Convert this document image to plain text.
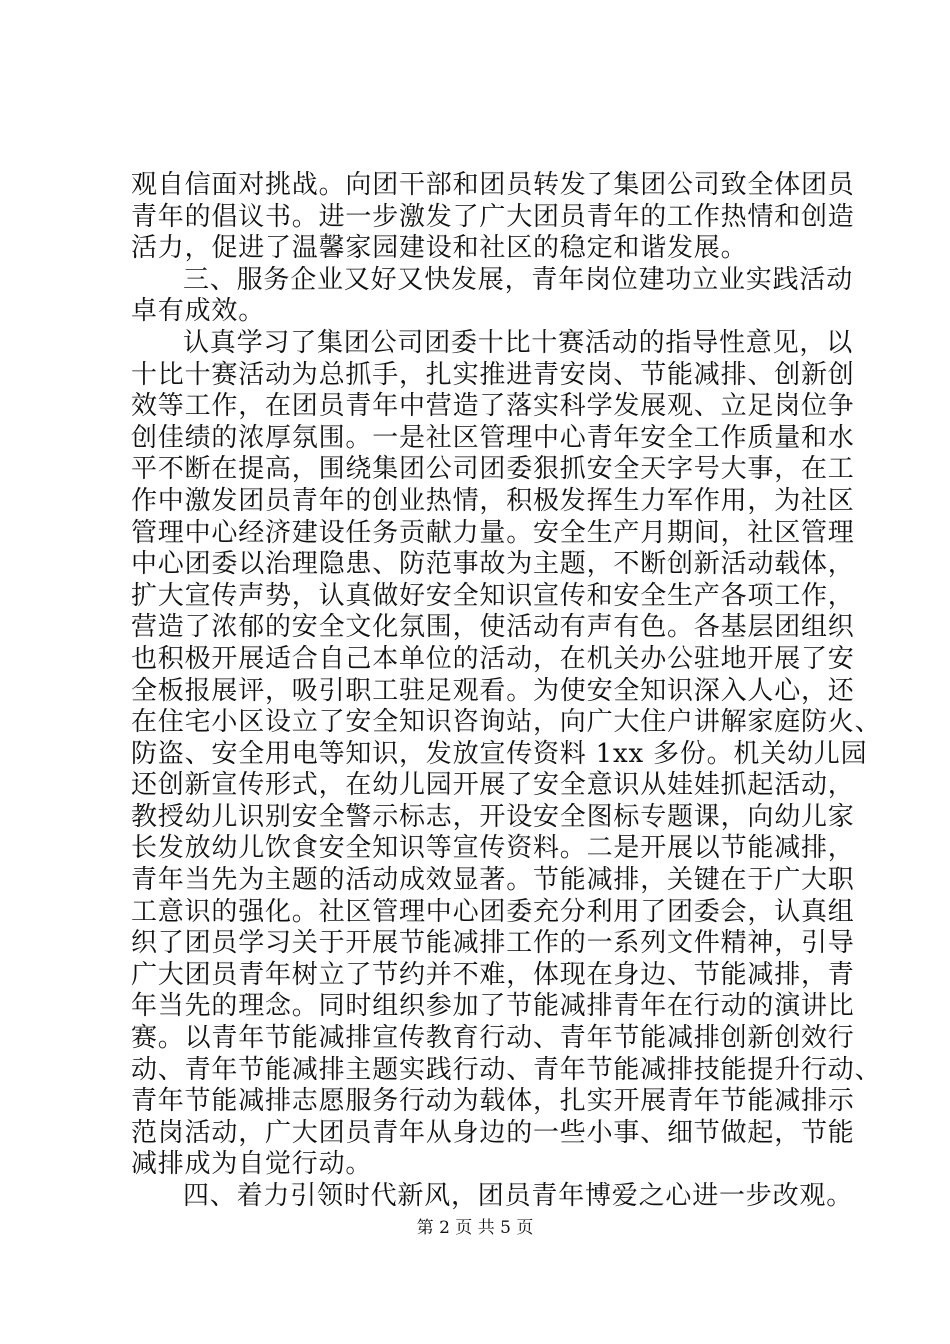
观自信面对挑战。向团干部和团员转发了集团公司致全体团员
青年的倡议书。进一步激发了广大团员青年的工作热情和创造
活力，促进了温馨家园建设和社区的稳定和谐发展。
三、服务企业又好又快发展，青年岗位建功立业实践活动
卓有成效。
认真学习了集团公司团委十比十赛活动的指导性意见，以
十比十赛活动为总抓手，扎实推进青安岗、节能减排、创新创
效等工作，在团员青年中营造了落实科学发展观、立足岗位争
创佳绩的浓厚氛围。一是社区管理中心青年安全工作质量和水
平不断在提高，围绕集团公司团委狠抓安全天字号大事，在工
作中激发团员青年的创业热情，积极发挥生力军作用，为社区
管理中心经济建设任务贡献力量。安全生产月期间，社区管理
中心团委以治理隐患、防范事故为主题，不断创新活动载体，
扩大宣传声势，认真做好安全知识宣传和安全生产各项工作，
营造了浓郁的安全文化氛围，使活动有声有色。各基层团组织
也积极开展适合自己本单位的活动，在机关办公驻地开展了安
全板报展评，吸引职工驻足观看。为使安全知识深入人心，还
在住宅小区设立了安全知识咨询站，向广大住户讲解家庭防火、
防盗、安全用电等知识，发放宣传资料 1xx 多份。机关幼儿园
还创新宣传形式，在幼儿园开展了安全意识从娃娃抓起活动，
教授幼儿识别安全警示标志，开设安全图标专题课，向幼儿家
长发放幼儿饮食安全知识等宣传资料。二是开展以节能减排，
青年当先为主题的活动成效显著。节能减排，关键在于广大职
工意识的强化。社区管理中心团委充分利用了团委会，认真组
织了团员学习关于开展节能减排工作的一系列文件精神，引导
广大团员青年树立了节约并不难，体现在身边、节能减排，青
年当先的理念。同时组织参加了节能减排青年在行动的演讲比
赛。以青年节能减排宣传教育行动、青年节能减排创新创效行
动、青年节能减排主题实践行动、青年节能减排技能提升行动、
青年节能减排志愿服务行动为载体，扎实开展青年节能减排示
范岗活动，广大团员青年从身边的一些小事、细节做起，节能
减排成为自觉行动。
四、着力引领时代新风，团员青年博爱之心进一步改观。
第 2 页 共 5 页
